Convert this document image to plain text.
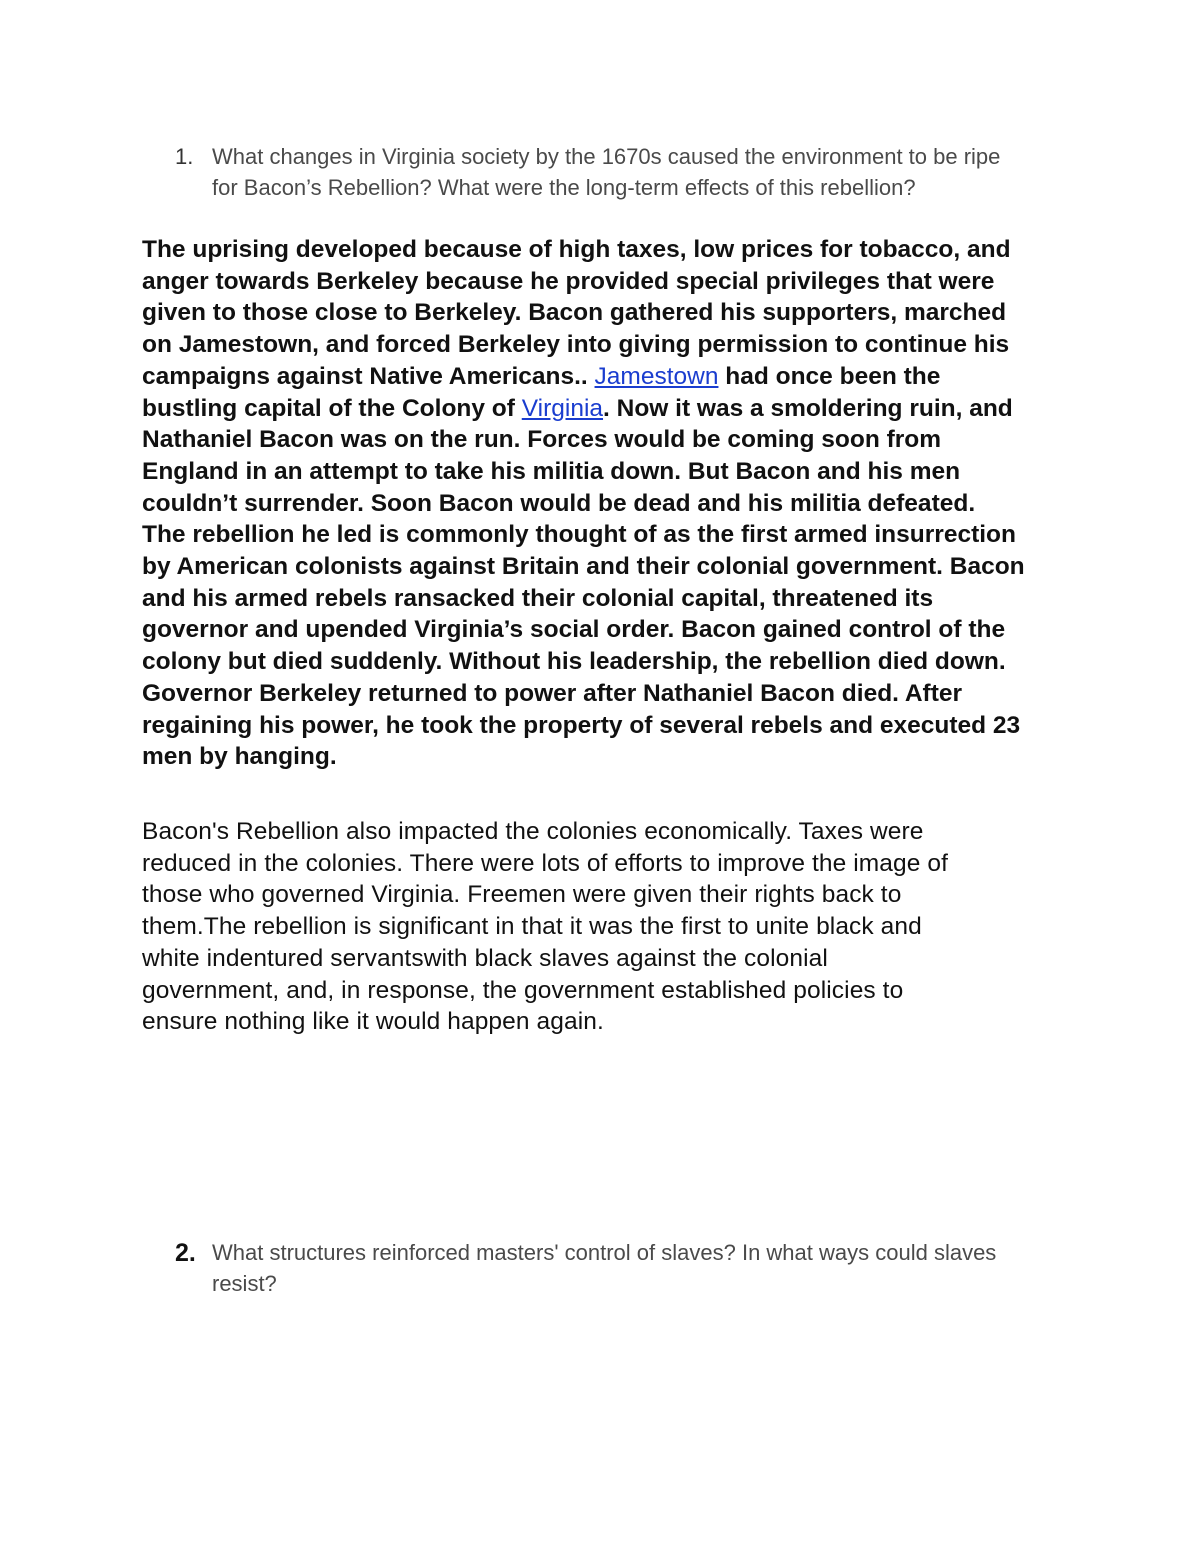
1. What changes in Virginia society by the 1670s caused the environment to be ripe
for Bacon’s Rebellion? What were the long-term effects of this rebellion?

The uprising developed because of high taxes, low prices for tobacco, and
anger towards Berkeley because he provided special privileges that were
given to those close to Berkeley. Bacon gathered his supporters, marched
on Jamestown, and forced Berkeley into giving permission to continue his
campaigns against Native Americans.. Jamestown had once been the
bustling capital of the Colony of Virginia. Now it was a smoldering ruin, and
Nathaniel Bacon was on the run. Forces would be coming soon from
England in an attempt to take his militia down. But Bacon and his men
couldn’t surrender. Soon Bacon would be dead and his militia defeated.
The rebellion he led is commonly thought of as the first armed insurrection
by American colonists against Britain and their colonial government. Bacon
and his armed rebels ransacked their colonial capital, threatened its
governor and upended Virginia’s social order. Bacon gained control of the
colony but died suddenly. Without his leadership, the rebellion died down.
Governor Berkeley returned to power after Nathaniel Bacon died. After
regaining his power, he took the property of several rebels and executed 23
men by hanging.

Bacon's Rebellion also impacted the colonies economically. Taxes were
reduced in the colonies. There were lots of efforts to improve the image of
those who governed Virginia. Freemen were given their rights back to
them.The rebellion is significant in that it was the first to unite black and
white indentured servantswith black slaves against the colonial
government, and, in response, the government established policies to
ensure nothing like it would happen again.

2. What structures reinforced masters' control of slaves? In what ways could slaves
resist?
